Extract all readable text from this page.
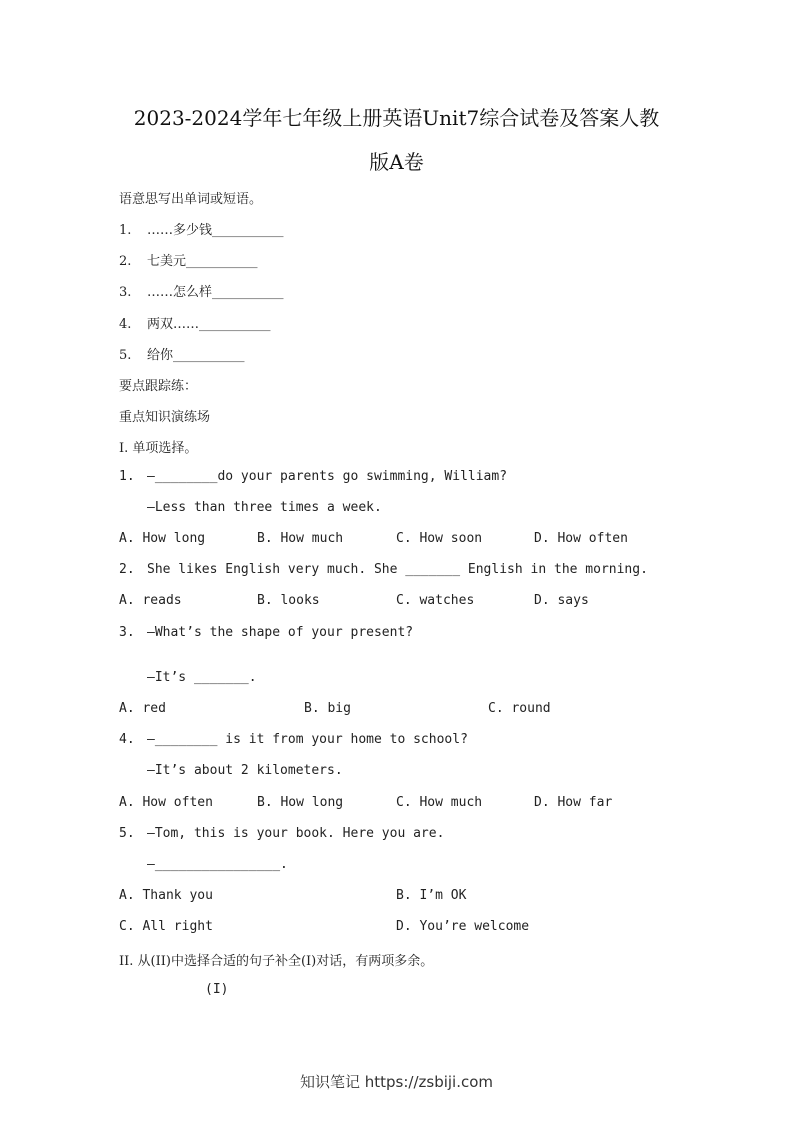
2023-2024学年七年级上册英语Unit7综合试卷及答案人教
版A卷
语意思写出单词或短语。
1. ……多少钱___________
2. 七美元___________
3. ……怎么样___________
4. 两双……___________
5. 给你___________
要点跟踪练：
重点知识演练场
I. 单项选择。
1. —________do your parents go swimming, William?
—Less than three times a week.
A. How long	B. How much	C. How soon	D. How often
2. She likes English very much. She _______ English in the morning.
A. reads	B. looks	C. watches	D. says
3. —What’s the shape of your present?
—It’s _______.
A. red	B. big	C. round
4. —________ is it from your home to school?
—It’s about 2 kilometers.
A. How often	B. How long	C. How much	D. How far
5. —Tom, this is your book. Here you are.
—________________.
A. Thank you	B. I’m OK
C. All right	D. You’re welcome
II. 从(II)中选择合适的句子补全(I)对话，有两项多余。
(I)
知识笔记 https://zsbiji.com
